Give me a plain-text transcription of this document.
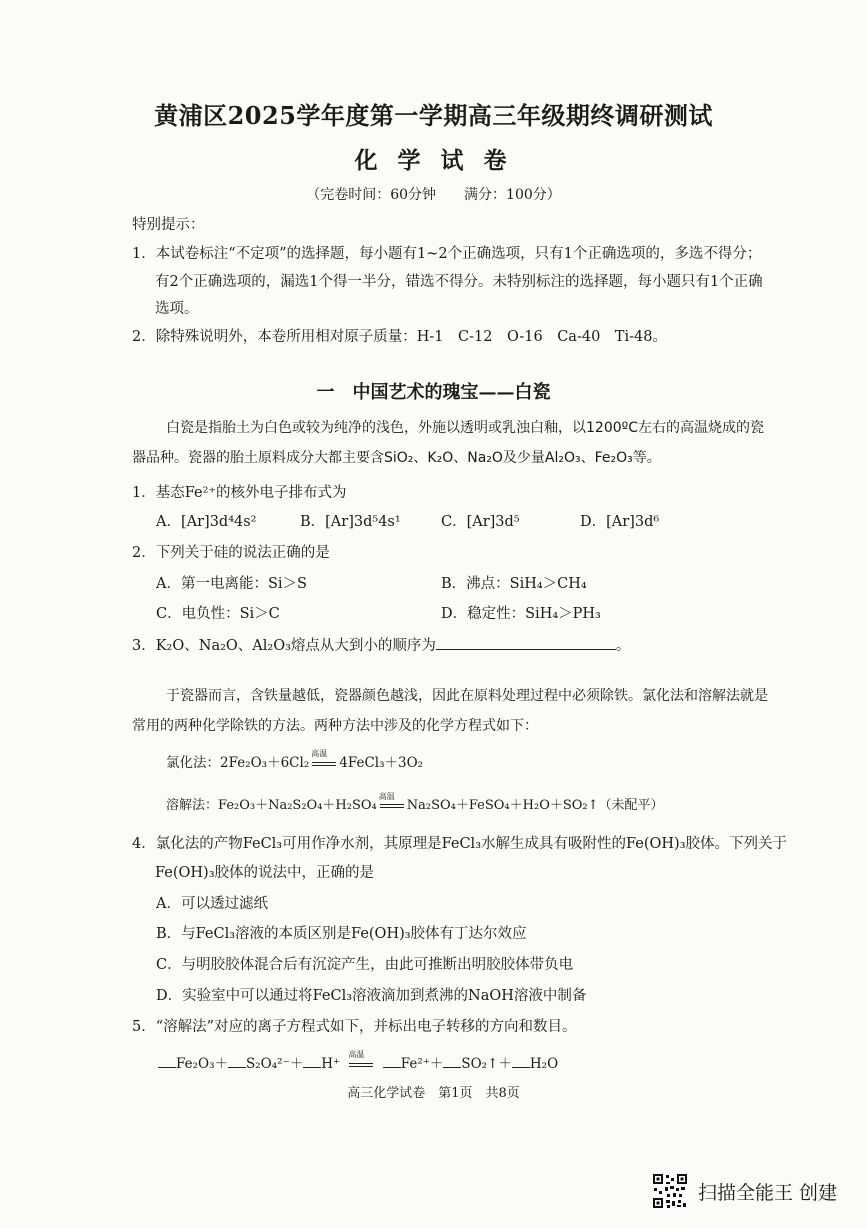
黄浦区2025学年度第一学期高三年级期终调研测试
化 学 试 卷
（完卷时间：60分钟　　满分：100分）
特别提示：
1．本试卷标注“不定项”的选择题，每小题有1~2个正确选项，只有1个正确选项的，多选不得分；
有2个正确选项的，漏选1个得一半分，错选不得分。未特别标注的选择题，每小题只有1个正确
选项。
2．除特殊说明外，本卷所用相对原子质量：H-1　C-12　O-16　Ca-40　Ti-48。
一　中国艺术的瑰宝——白瓷
白瓷是指胎土为白色或较为纯净的浅色，外施以透明或乳浊白釉，以1200ºC左右的高温烧成的瓷
器品种。瓷器的胎土原料成分大都主要含SiO₂、K₂O、Na₂O及少量Al₂O₃、Fe₂O₃等。
1．基态Fe²⁺的核外电子排布式为
A．[Ar]3d⁴4s²	B．[Ar]3d⁵4s¹	C．[Ar]3d⁵	D．[Ar]3d⁶
2．下列关于硅的说法正确的是
A．第一电离能：Si＞S	B．沸点：SiH₄＞CH₄
C．电负性：Si＞C	D．稳定性：SiH₄＞PH₃
3．K₂O、Na₂O、Al₂O₃熔点从大到小的顺序为	。
于瓷器而言，含铁量越低，瓷器颜色越浅，因此在原料处理过程中必须除铁。氯化法和溶解法就是
常用的两种化学除铁的方法。两种方法中涉及的化学方程式如下：
氯化法：2Fe₂O₃＋6Cl₂
高温
4FeCl₃＋3O₂
溶解法：Fe₂O₃＋Na₂S₂O₄＋H₂SO₄
高温
Na₂SO₄＋FeSO₄＋H₂O＋SO₂↑（未配平）
4．氯化法的产物FeCl₃可用作净水剂，其原理是FeCl₃水解生成具有吸附性的Fe(OH)₃胶体。下列关于
Fe(OH)₃胶体的说法中，正确的是
A．可以透过滤纸
B．与FeCl₃溶液的本质区别是Fe(OH)₃胶体有丁达尔效应
C．与明胶胶体混合后有沉淀产生，由此可推断出明胶胶体带负电
D．实验室中可以通过将FeCl₃溶液滴加到煮沸的NaOH溶液中制备
5．“溶解法”对应的离子方程式如下，并标出电子转移的方向和数目。
Fe₂O₃＋ S₂O₄²⁻＋ H⁺
高温
Fe²⁺＋ SO₂↑＋ H₂O
高三化学试卷　第1页　共8页
扫描全能王 创建
